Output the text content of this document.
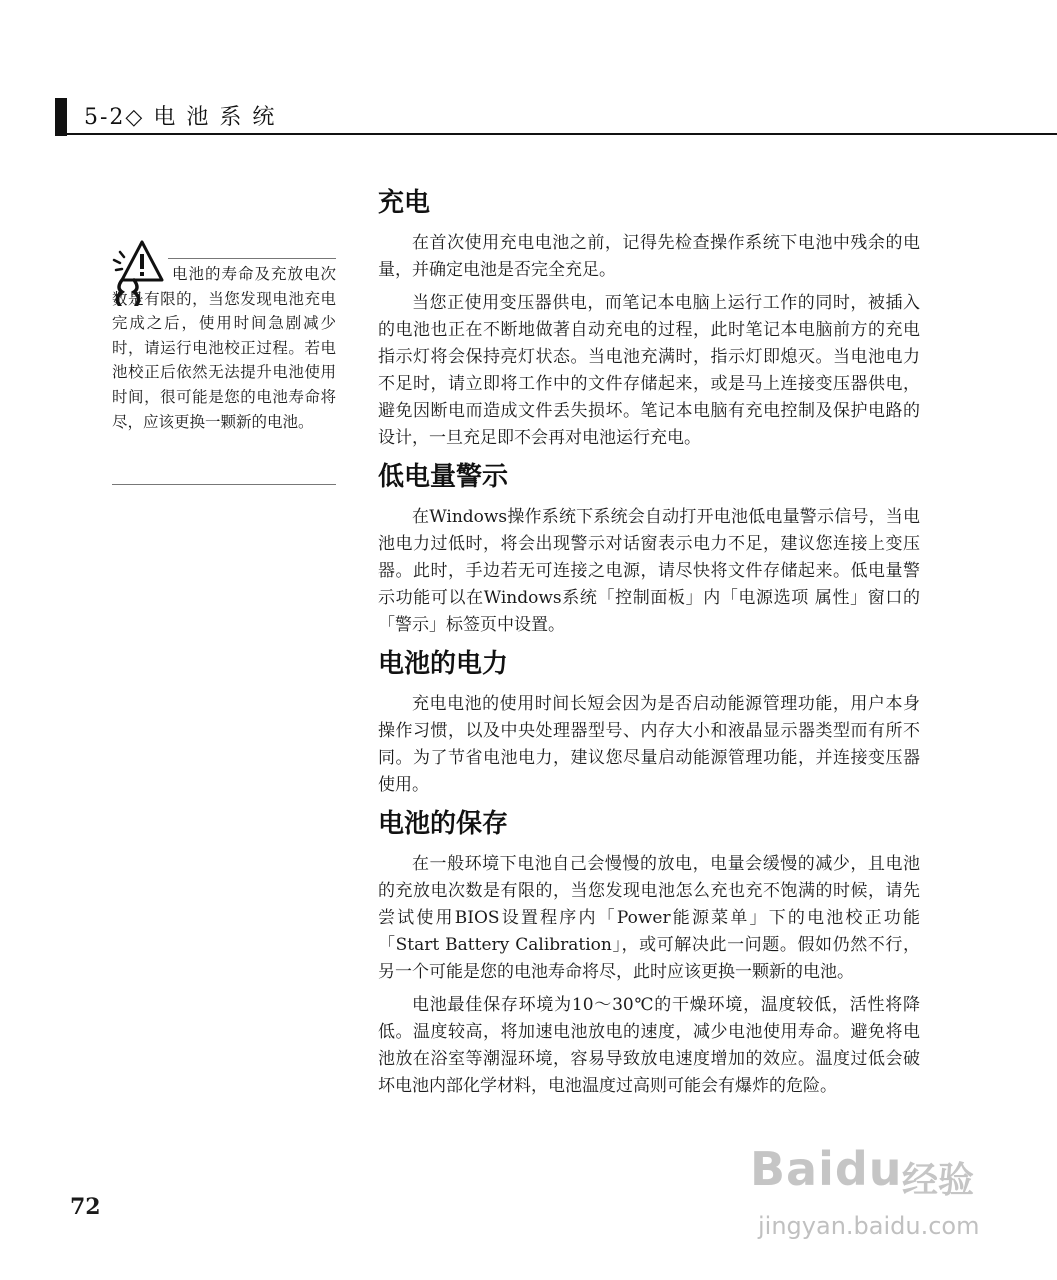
5-2◇ 电 池 系 统
电池的寿命及充放电次数是有限的，当您发现电池充电完成之后，使用时间急剧减少时，请运行电池校正过程。若电池校正后依然无法提升电池使用时间，很可能是您的电池寿命将尽，应该更换一颗新的电池。
充电

在首次使用充电电池之前，记得先检查操作系统下电池中残余的电量，并确定电池是否完全充足。

当您正使用变压器供电，而笔记本电脑上运行工作的同时，被插入的电池也正在不断地做著自动充电的过程，此时笔记本电脑前方的充电指示灯将会保持亮灯状态。当电池充满时，指示灯即熄灭。当电池电力不足时，请立即将工作中的文件存储起来，或是马上连接变压器供电，避免因断电而造成文件丢失损坏。笔记本电脑有充电控制及保护电路的设计，一旦充足即不会再对电池运行充电。

低电量警示

在Windows操作系统下系统会自动打开电池低电量警示信号，当电池电力过低时，将会出现警示对话窗表示电力不足，建议您连接上变压器。此时，手边若无可连接之电源，请尽快将文件存储起来。低电量警示功能可以在Windows系统「控制面板」内「电源选项 属性」窗口的「警示」标签页中设置。

电池的电力

充电电池的使用时间长短会因为是否启动能源管理功能，用户本身操作习惯，以及中央处理器型号、内存大小和液晶显示器类型而有所不同。为了节省电池电力，建议您尽量启动能源管理功能，并连接变压器使用。

电池的保存

在一般环境下电池自己会慢慢的放电，电量会缓慢的减少，且电池的充放电次数是有限的，当您发现电池怎么充也充不饱满的时候，请先尝试使用BIOS设置程序内「Power能源菜单」下的电池校正功能「Start Battery Calibration」，或可解决此一问题。假如仍然不行，另一个可能是您的电池寿命将尽，此时应该更换一颗新的电池。

电池最佳保存环境为10～30℃的干燥环境，温度较低，活性将降低。温度较高，将加速电池放电的速度，减少电池使用寿命。避免将电池放在浴室等潮湿环境，容易导致放电速度增加的效应。温度过低会破坏电池内部化学材料，电池温度过高则可能会有爆炸的危险。

72
Baidu 经验
jingyan.baidu.com
